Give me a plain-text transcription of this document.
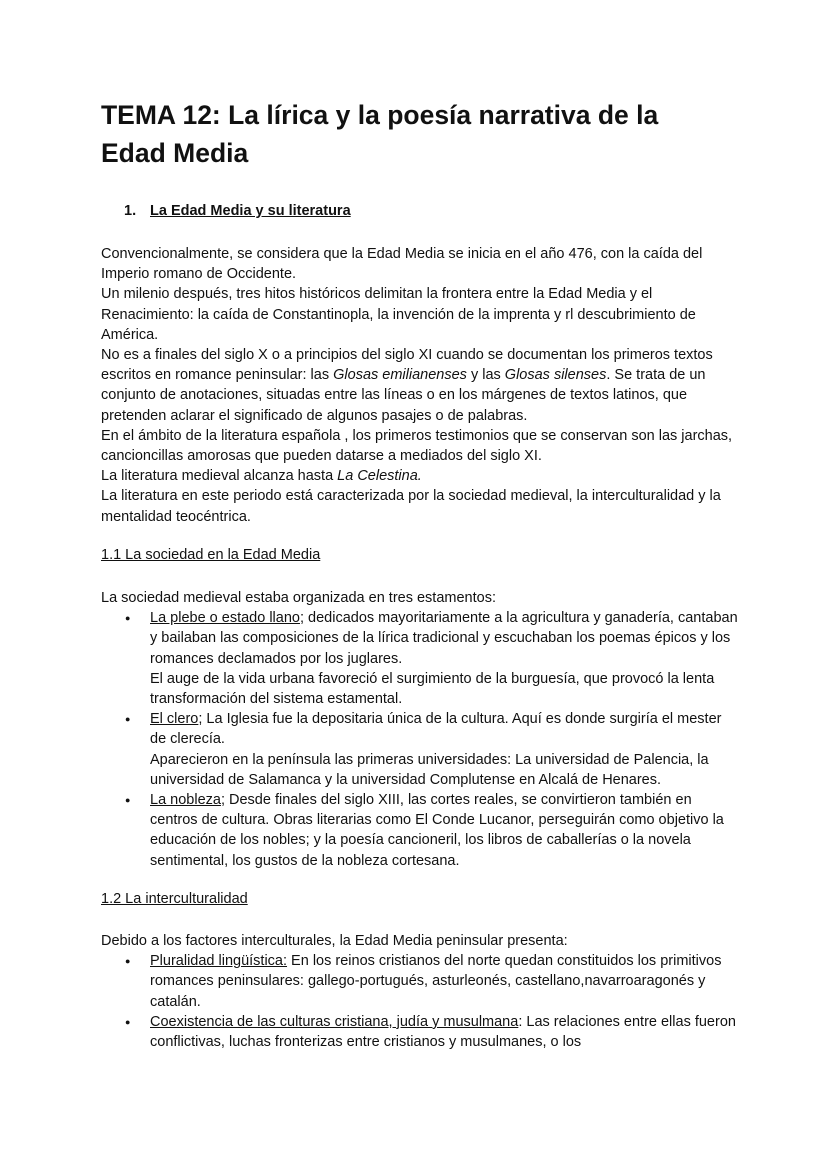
TEMA 12: La lírica y la poesía narrativa de la
Edad Media
1. La Edad Media y su literatura

Convencionalmente, se considera que la Edad Media se inicia en el año 476, con la caída del Imperio romano de Occidente.

Un milenio después, tres hitos históricos delimitan la frontera entre la Edad Media y el Renacimiento: la caída de Constantinopla, la invención de la imprenta y rl descubrimiento de América.

No es a finales del siglo X o a principios del siglo XI cuando se documentan los primeros textos escritos en romance peninsular: las Glosas emilianenses y las Glosas silenses. Se trata de un conjunto de anotaciones, situadas entre las líneas o en los márgenes de textos latinos, que pretenden aclarar el significado de algunos pasajes o de palabras.

En el ámbito de la literatura española , los primeros testimonios que se conservan son las jarchas, cancioncillas amorosas que pueden datarse a mediados del siglo XI.

La literatura medieval alcanza hasta La Celestina.

La literatura en este periodo está caracterizada por la sociedad medieval, la interculturalidad y la mentalidad teocéntrica.

1.1 La sociedad en la Edad Media

La sociedad medieval estaba organizada en tres estamentos:

● La plebe o estado llano; dedicados mayoritariamente a la agricultura y ganadería, cantaban y bailaban las composiciones de la lírica tradicional y escuchaban los poemas épicos y los romances declamados por los juglares.
El auge de la vida urbana favoreció el surgimiento de la burguesía, que provocó la lenta transformación del sistema estamental.
● El clero; La Iglesia fue la depositaria única de la cultura. Aquí es donde surgiría el mester de clerecía.
Aparecieron en la península las primeras universidades: La universidad de Palencia, la universidad de Salamanca y la universidad Complutense en Alcalá de Henares.
● La nobleza; Desde finales del siglo XIII, las cortes reales, se convirtieron también en centros de cultura. Obras literarias como El Conde Lucanor, perseguirán como objetivo la educación de los nobles; y la poesía cancioneril, los libros de caballerías o la novela sentimental, los gustos de la nobleza cortesana.

1.2 La interculturalidad

Debido a los factores interculturales, la Edad Media peninsular presenta:

● Pluralidad lingüística: En los reinos cristianos del norte quedan constituidos los primitivos romances peninsulares: gallego-portugués, asturleonés, castellano,navarroaragonés y catalán.
● Coexistencia de las culturas cristiana, judía y musulmana: Las relaciones entre ellas fueron conflictivas, luchas fronterizas entre cristianos y musulmanes, o los
